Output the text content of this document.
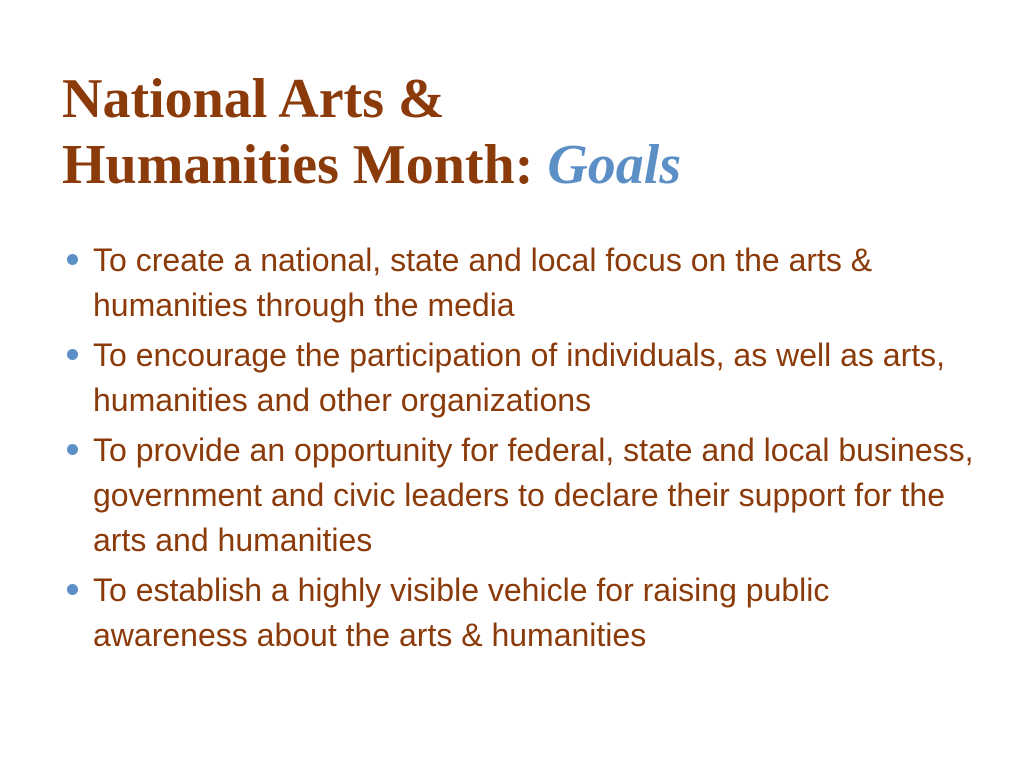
National Arts &
Humanities Month: Goals
To create a national, state and local focus on the arts & humanities through the media
To encourage the participation of individuals, as well as arts, humanities and other organizations
To provide an opportunity for federal, state and local business, government and civic leaders to declare their support for the arts and humanities
To establish a highly visible vehicle for raising public awareness about the arts & humanities
